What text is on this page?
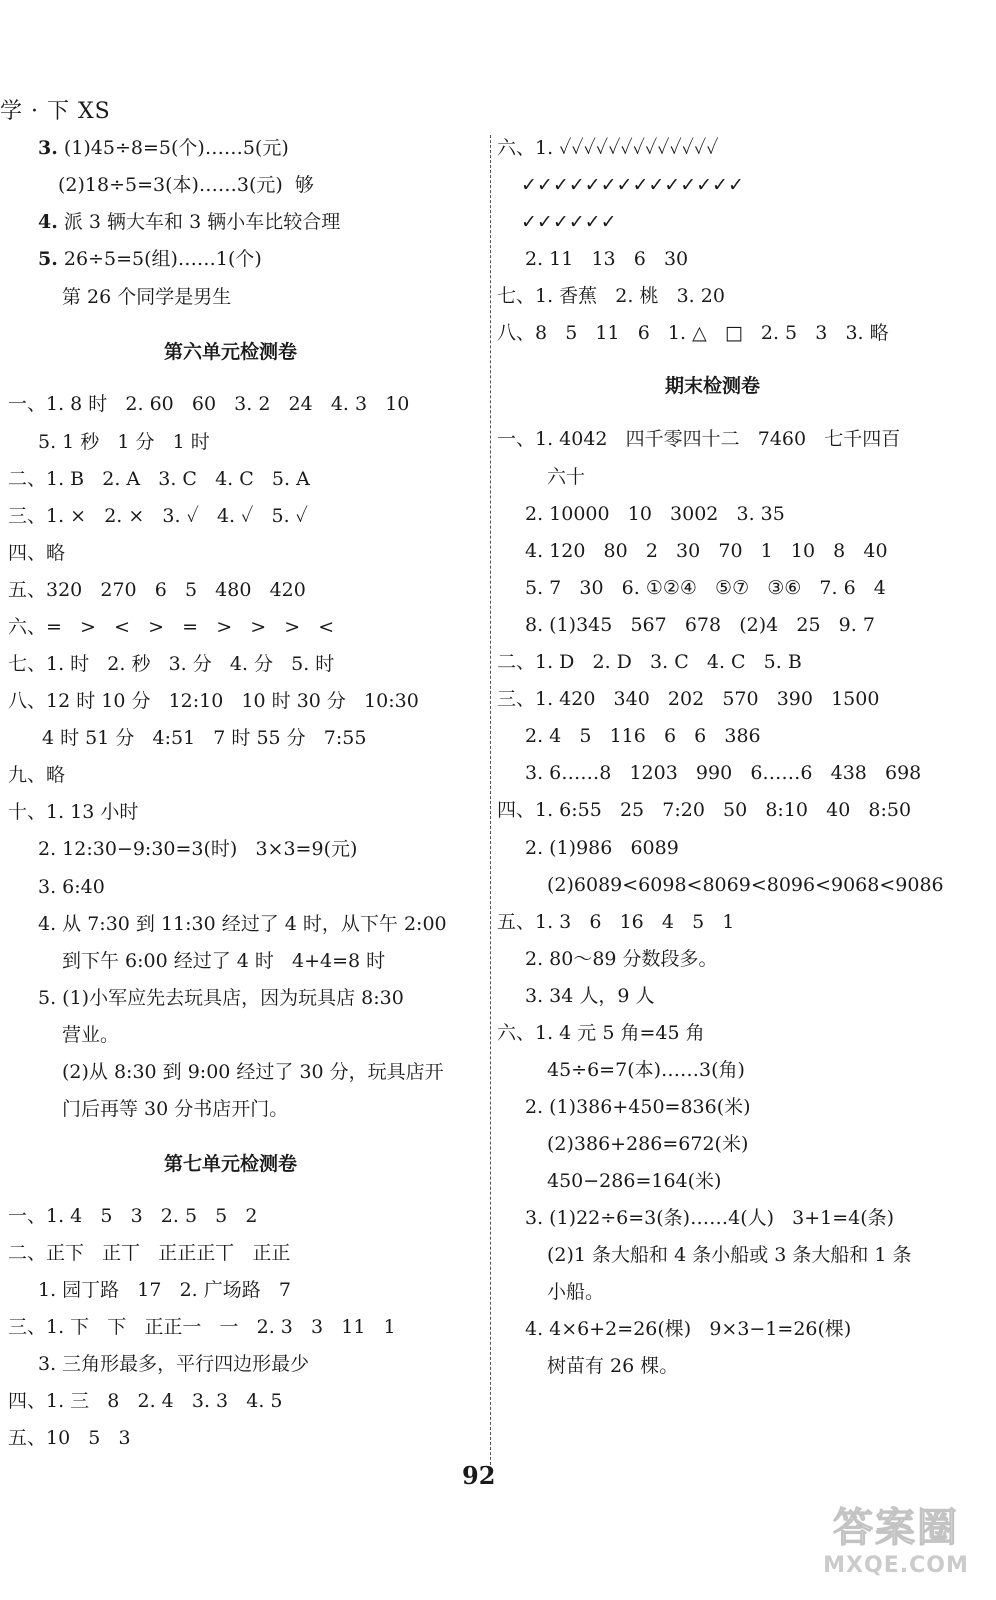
学 · 下 XS
3. (1)45÷8=5(个)……5(元)
(2)18÷5=3(本)……3(元)  够
4. 派 3 辆大车和 3 辆小车比较合理
5. 26÷5=5(组)……1(个)
第 26 个同学是男生
第六单元检测卷
一、1. 8 时   2. 60   60   3. 2   24   4. 3   10
5. 1 秒   1 分   1 时
二、1. B   2. A   3. C   4. C   5. A
三、1. ×   2. ×   3. ✓   4. ✓   5. ✓
四、略
五、320   270   6   5   480   420
六、=   >   <   >   =   >   >   >   <
七、1. 时   2. 秒   3. 分   4. 分   5. 时
八、12 时 10 分   12:10   10 时 30 分   10:30
4 时 51 分   4:51   7 时 55 分   7:55
九、略
十、1. 13 小时
2. 12:30−9:30=3(时)   3×3=9(元)
3. 6:40
4. 从 7:30 到 11:30 经过了 4 时，从下午 2:00
到下午 6:00 经过了 4 时   4+4=8 时
5. (1)小军应先去玩具店，因为玩具店 8:30
营业。
(2)从 8:30 到 9:00 经过了 30 分，玩具店开
门后再等 30 分书店开门。
第七单元检测卷
一、1. 4   5   3   2. 5   5   2
二、正下   正丅   正正正丅   正正
1. 园丁路   17   2. 广场路   7
三、1. 下   下   正正一   一   2. 3   3   11   1
3. 三角形最多，平行四边形最少
四、1. 三   8   2. 4   3. 3   4. 5
五、10   5   3
六、1. ✓✓✓✓✓✓✓✓✓✓✓✓✓
✓✓✓✓✓✓✓✓✓✓✓✓✓✓
✓✓✓✓✓✓
2. 11   13   6   30
七、1. 香蕉   2. 桃   3. 20
八、8   5   11   6   1. △   □   2. 5   3   3. 略
期末检测卷
一、1. 4042   四千零四十二   7460   七千四百
六十
2. 10000   10   3002   3. 35
4. 120   80   2   30   70   1   10   8   40
5. 7   30   6. ①②④   ⑤⑦   ③⑥   7. 6   4
8. (1)345   567   678   (2)4   25   9. 7
二、1. D   2. D   3. C   4. C   5. B
三、1. 420   340   202   570   390   1500
2. 4   5   116   6   6   386
3. 6……8   1203   990   6……6   438   698
四、1. 6:55   25   7:20   50   8:10   40   8:50
2. (1)986   6089
(2)6089<6098<8069<8096<9068<9086
五、1. 3   6   16   4   5   1
2. 80～89 分数段多。
3. 34 人，9 人
六、1. 4 元 5 角=45 角
45÷6=7(本)……3(角)
2. (1)386+450=836(米)
(2)386+286=672(米)
450−286=164(米)
3. (1)22÷6=3(条)……4(人)   3+1=4(条)
(2)1 条大船和 4 条小船或 3 条大船和 1 条
小船。
4. 4×6+2=26(棵)   9×3−1=26(棵)
树苗有 26 棵。
92
答案圈
MXQE.COM
